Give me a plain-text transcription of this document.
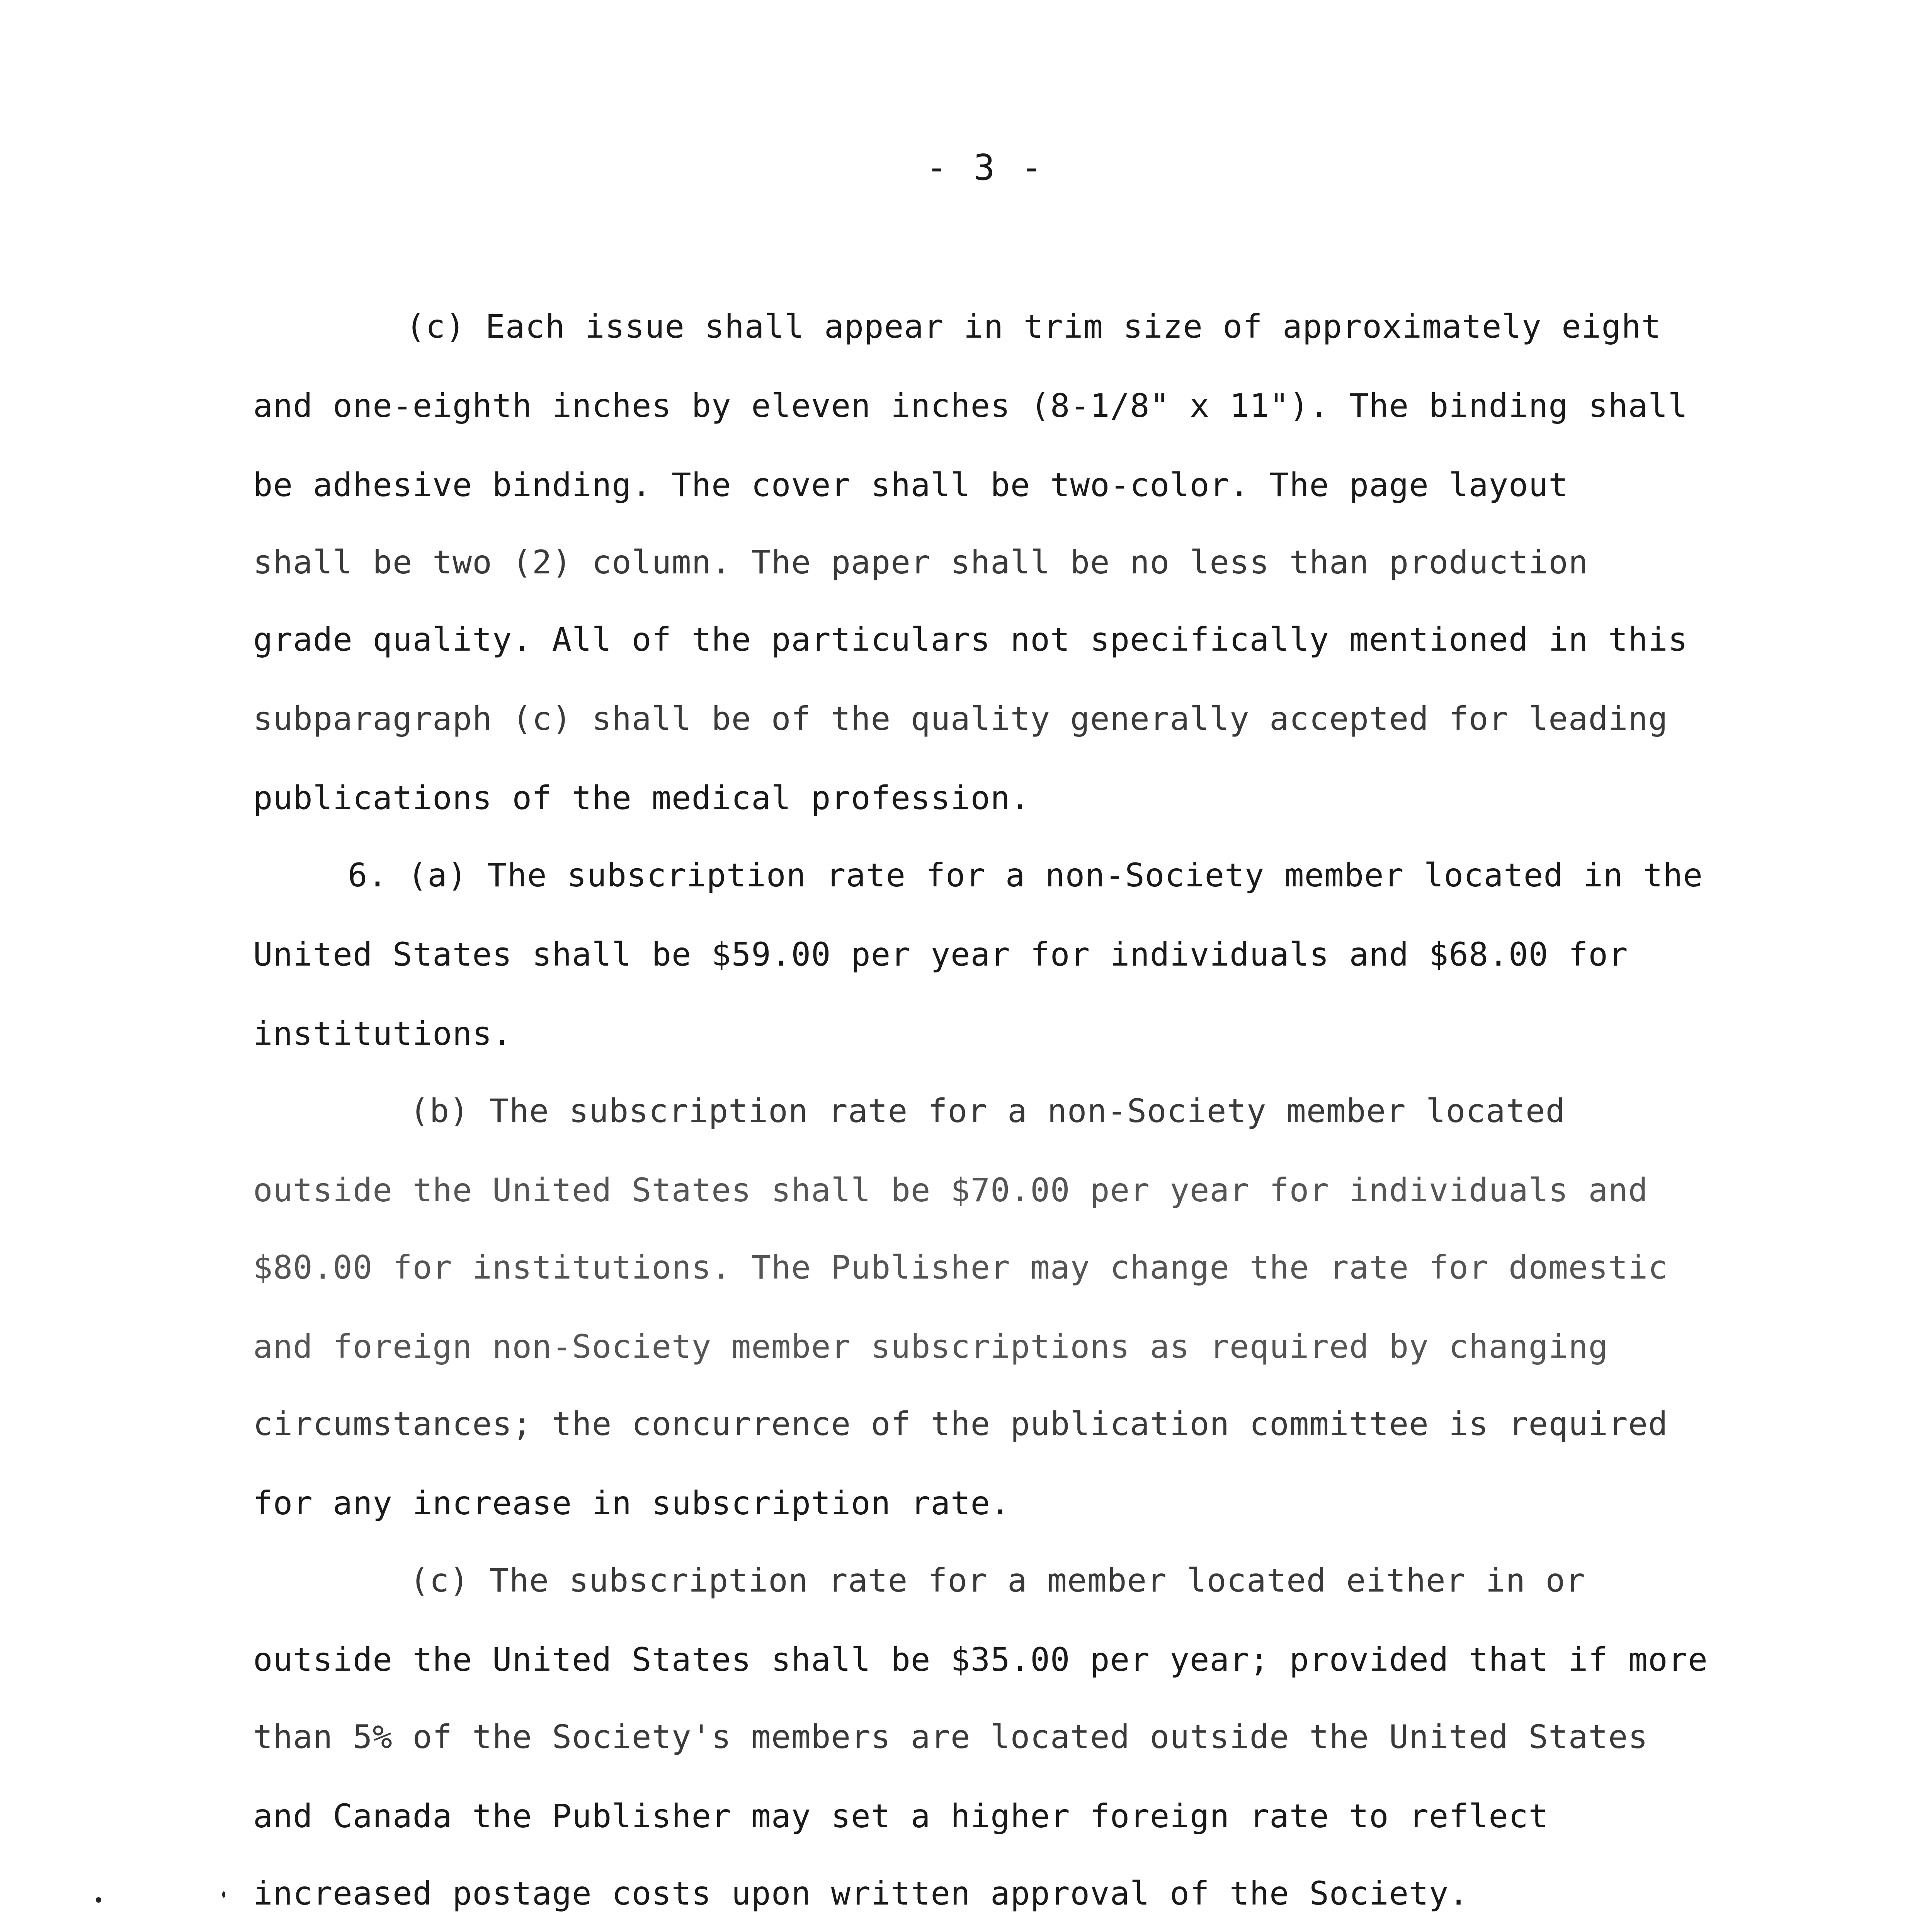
- 3 -
(c) Each issue shall appear in trim size of approximately eight
and one-eighth inches by eleven inches (8-1/8" x 11"). The binding shall
be adhesive binding. The cover shall be two-color. The page layout
shall be two (2) column. The paper shall be no less than production
grade quality. All of the particulars not specifically mentioned in this
subparagraph (c) shall be of the quality generally accepted for leading
publications of the medical profession.
6. (a) The subscription rate for a non-Society member located in the
United States shall be $59.00 per year for individuals and $68.00 for
institutions.
(b) The subscription rate for a non-Society member located
outside the United States shall be $70.00 per year for individuals and
$80.00 for institutions. The Publisher may change the rate for domestic
and foreign non-Society member subscriptions as required by changing
circumstances; the concurrence of the publication committee is required
for any increase in subscription rate.
(c) The subscription rate for a member located either in or
outside the United States shall be $35.00 per year; provided that if more
than 5% of the Society's members are located outside the United States
and Canada the Publisher may set a higher foreign rate to reflect
increased postage costs upon written approval of the Society.
